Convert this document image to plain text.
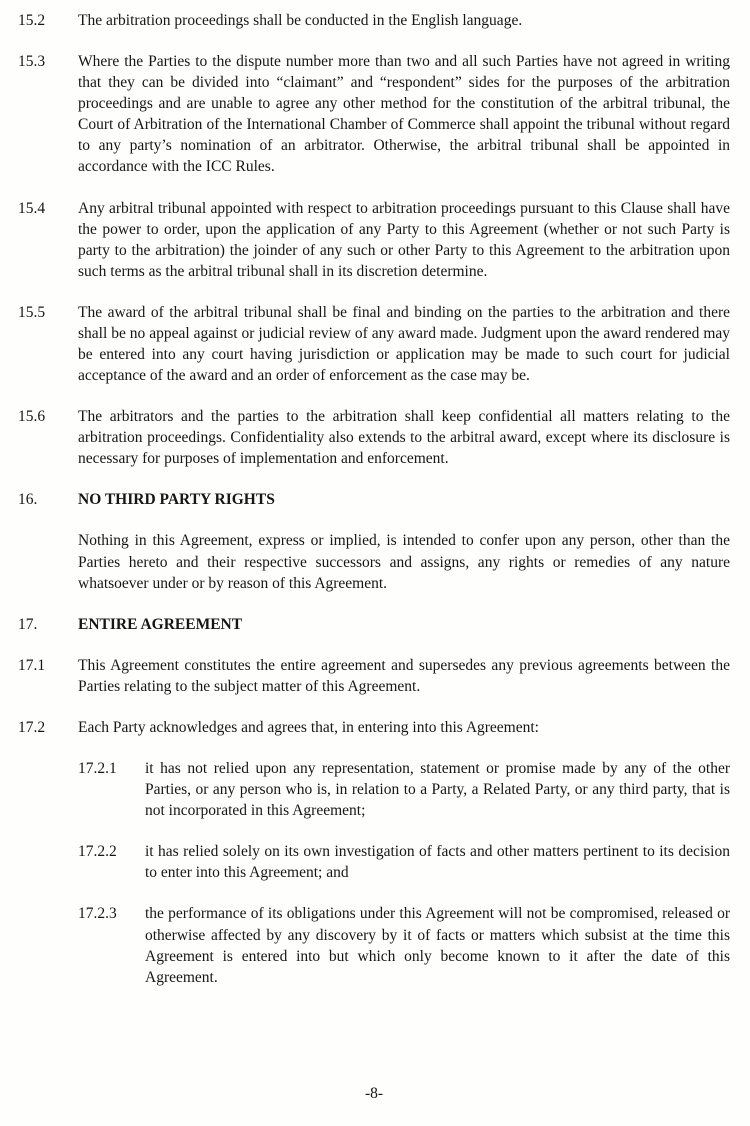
15.2	The arbitration proceedings shall be conducted in the English language.

15.3	Where the Parties to the dispute number more than two and all such Parties have not agreed in writing that they can be divided into “claimant” and “respondent” sides for the purposes of the arbitration proceedings and are unable to agree any other method for the constitution of the arbitral tribunal, the Court of Arbitration of the International Chamber of Commerce shall appoint the tribunal without regard to any party’s nomination of an arbitrator. Otherwise, the arbitral tribunal shall be appointed in accordance with the ICC Rules.

15.4	Any arbitral tribunal appointed with respect to arbitration proceedings pursuant to this Clause shall have the power to order, upon the application of any Party to this Agreement (whether or not such Party is party to the arbitration) the joinder of any such or other Party to this Agreement to the arbitration upon such terms as the arbitral tribunal shall in its discretion determine.

15.5	The award of the arbitral tribunal shall be final and binding on the parties to the arbitration and there shall be no appeal against or judicial review of any award made. Judgment upon the award rendered may be entered into any court having jurisdiction or application may be made to such court for judicial acceptance of the award and an order of enforcement as the case may be.

15.6	The arbitrators and the parties to the arbitration shall keep confidential all matters relating to the arbitration proceedings. Confidentiality also extends to the arbitral award, except where its disclosure is necessary for purposes of implementation and enforcement.

16.	NO THIRD PARTY RIGHTS

Nothing in this Agreement, express or implied, is intended to confer upon any person, other than the Parties hereto and their respective successors and assigns, any rights or remedies of any nature whatsoever under or by reason of this Agreement.

17.	ENTIRE AGREEMENT

17.1	This Agreement constitutes the entire agreement and supersedes any previous agreements between the Parties relating to the subject matter of this Agreement.

17.2	Each Party acknowledges and agrees that, in entering into this Agreement:

17.2.1	it has not relied upon any representation, statement or promise made by any of the other Parties, or any person who is, in relation to a Party, a Related Party, or any third party, that is not incorporated in this Agreement;

17.2.2	it has relied solely on its own investigation of facts and other matters pertinent to its decision to enter into this Agreement; and

17.2.3	the performance of its obligations under this Agreement will not be compromised, released or otherwise affected by any discovery by it of facts or matters which subsist at the time this Agreement is entered into but which only become known to it after the date of this Agreement.

-8-
